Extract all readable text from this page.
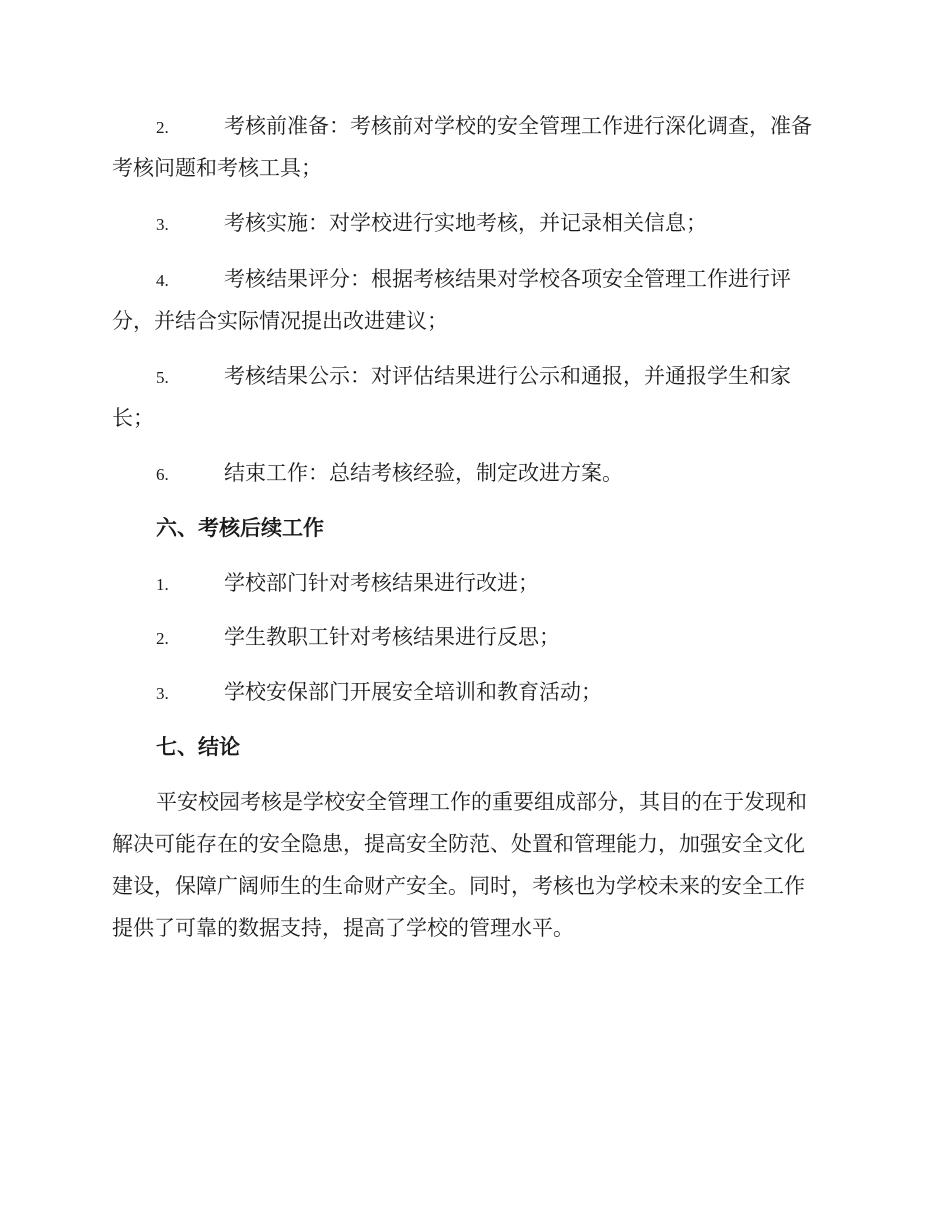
2.	考核前准备：考核前对学校的安全管理工作进行深化调查，准备
考核问题和考核工具；
3.	考核实施：对学校进行实地考核，并记录相关信息；
4.	考核结果评分：根据考核结果对学校各项安全管理工作进行评
分，并结合实际情况提出改进建议；
5.	考核结果公示：对评估结果进行公示和通报，并通报学生和家
长；
6.	结束工作：总结考核经验，制定改进方案。
六、考核后续工作
1.	学校部门针对考核结果进行改进；
2.	学生教职工针对考核结果进行反思；
3.	学校安保部门开展安全培训和教育活动；
七、结论
平安校园考核是学校安全管理工作的重要组成部分，其目的在于发现和
解决可能存在的安全隐患，提高安全防范、处置和管理能力，加强安全文化
建设，保障广阔师生的生命财产安全。同时，考核也为学校未来的安全工作
提供了可靠的数据支持，提高了学校的管理水平。
